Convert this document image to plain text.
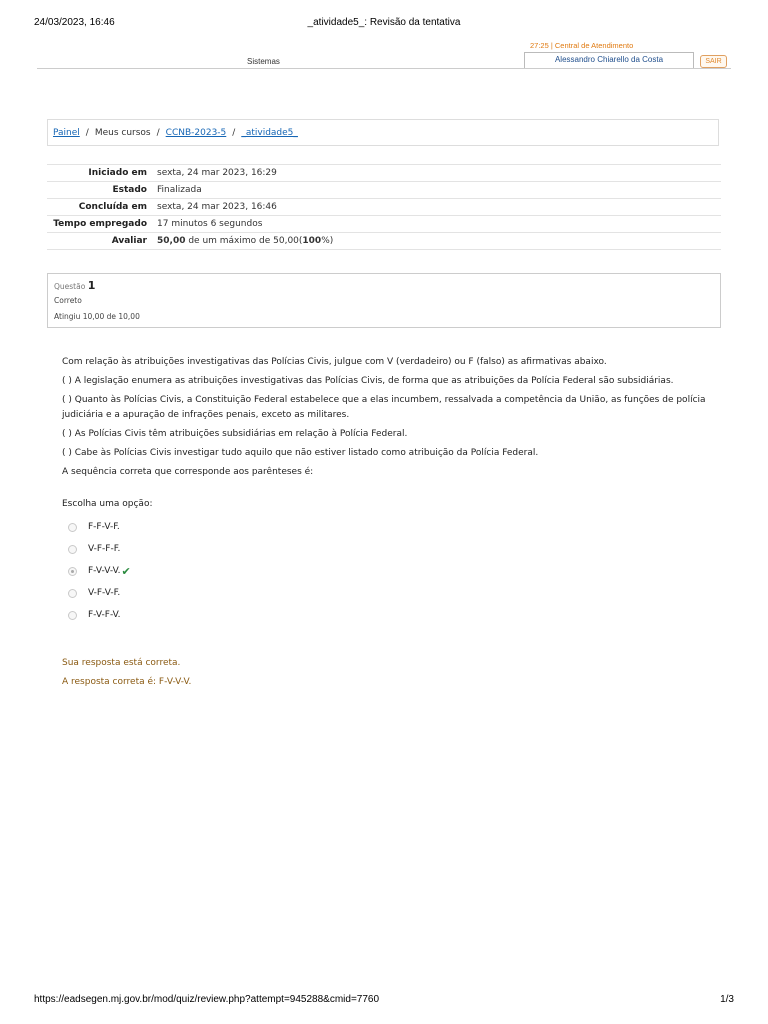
24/03/2023, 16:46	_atividade5_: Revisão da tentativa
Sistemas
27:25 | Central de Atendimento
Alessandro Chiarello da Costa	SAIR
Painel / Meus cursos / CCNB-2023-5 / _atividade5_
Iniciado em	sexta, 24 mar 2023, 16:29
Estado	Finalizada
Concluída em	sexta, 24 mar 2023, 16:46
Tempo empregado	17 minutos 6 segundos
Avaliar	50,00 de um máximo de 50,00(100%)
Questão 1
Correto
Atingiu 10,00 de 10,00

Com relação às atribuições investigativas das Polícias Civis, julgue com V (verdadeiro) ou F (falso) as afirmativas abaixo.

( ) A legislação enumera as atribuições investigativas das Polícias Civis, de forma que as atribuições da Polícia Federal são subsidiárias.

( ) Quanto às Polícias Civis, a Constituição Federal estabelece que a elas incumbem, ressalvada a competência da União, as funções de polícia judiciária e a apuração de infrações penais, exceto as militares.

( ) As Polícias Civis têm atribuições subsidiárias em relação à Polícia Federal.

( ) Cabe às Polícias Civis investigar tudo aquilo que não estiver listado como atribuição da Polícia Federal.

A sequência correta que corresponde aos parênteses é:

Escolha uma opção:
F-F-V-F.
V-F-F-F.
F-V-V-V. ✔
V-F-V-F.
F-V-F-V.
Sua resposta está correta.
A resposta correta é: F-V-V-V.
https://eadsegen.mj.gov.br/mod/quiz/review.php?attempt=945288&cmid=7760	1/3
